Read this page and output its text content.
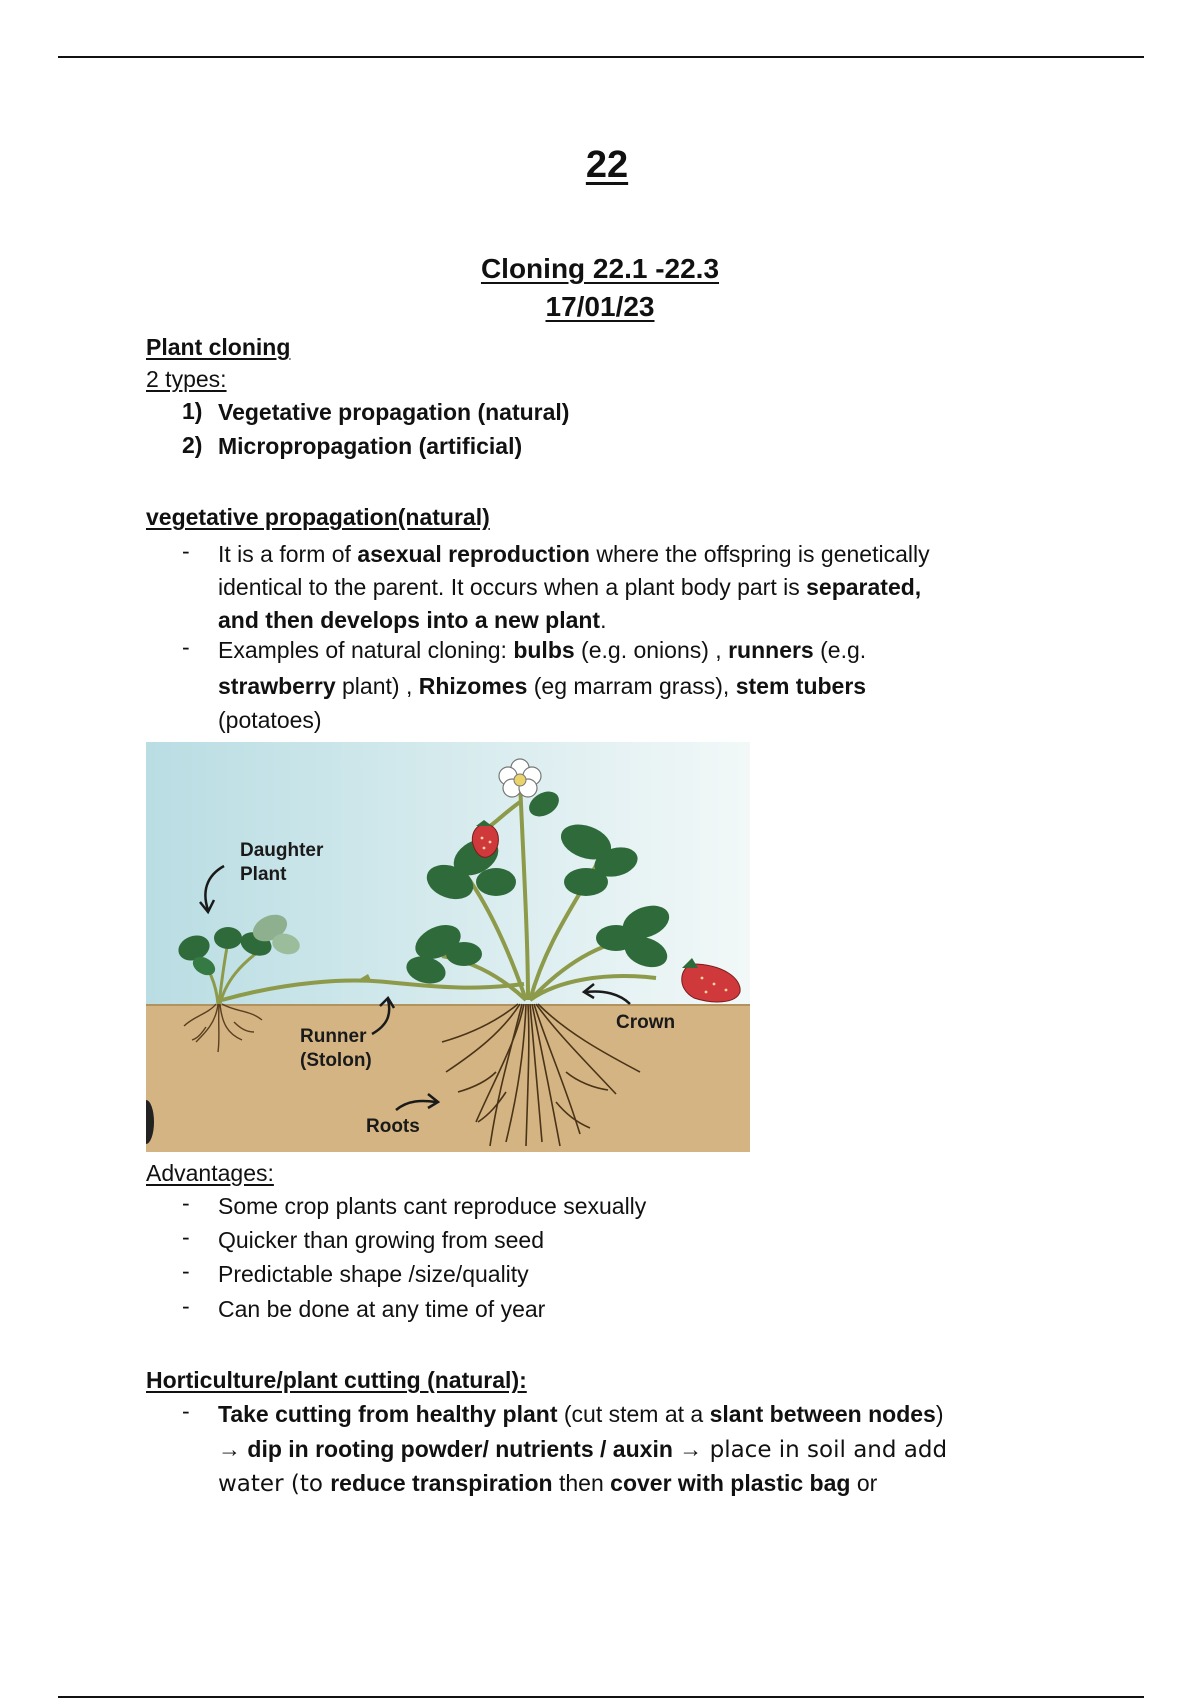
22
Cloning 22.1 -22.3
17/01/23
Plant cloning
2 types:
1) Vegetative propagation (natural)
2) Micropropagation (artificial)
vegetative propagation(natural)
- It is a form of asexual reproduction where the offspring is genetically
identical to the parent. It occurs when a plant body part is separated,
and then develops into a new plant.
- Examples of natural cloning: bulbs (e.g. onions) , runners (e.g.
strawberry plant) , Rhizomes (eg marram grass), stem tubers
(potatoes)
Daughter
Plant
Runner
(Stolon)
Roots
Crown
Advantages:
- Some crop plants cant reproduce sexually
- Quicker than growing from seed
- Predictable shape /size/quality
- Can be done at any time of year
Horticulture/plant cutting (natural):
- Take cutting from healthy plant (cut stem at a slant between nodes)
→ dip in rooting powder/ nutrients / auxin → place in soil and add
water (to reduce transpiration then cover with plastic bag or
